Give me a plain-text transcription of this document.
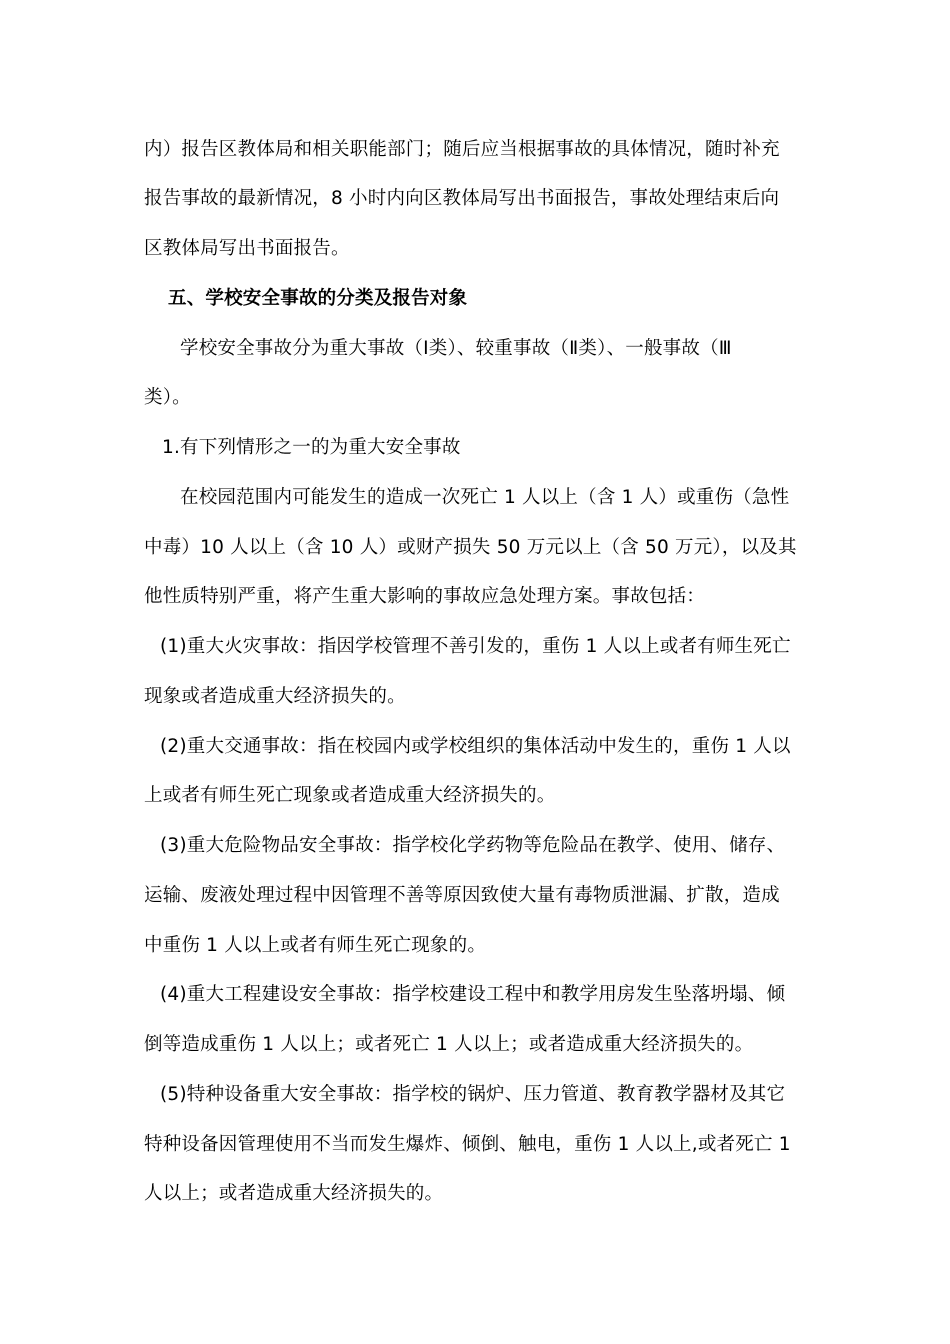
内）报告区教体局和相关职能部门；随后应当根据事故的具体情况，随时补充
报告事故的最新情况，8 小时内向区教体局写出书面报告，事故处理结束后向
区教体局写出书面报告。
五、学校安全事故的分类及报告对象
学校安全事故分为重大事故（Ⅰ类）、较重事故（Ⅱ类）、一般事故（Ⅲ
类）。
1.有下列情形之一的为重大安全事故
在校园范围内可能发生的造成一次死亡 1 人以上（含 1 人）或重伤（急性
中毒）10 人以上（含 10 人）或财产损失 50 万元以上（含 50 万元），以及其
他性质特别严重，将产生重大影响的事故应急处理方案。事故包括：
(1)重大火灾事故：指因学校管理不善引发的，重伤 1 人以上或者有师生死亡
现象或者造成重大经济损失的。
(2)重大交通事故：指在校园内或学校组织的集体活动中发生的，重伤 1 人以
上或者有师生死亡现象或者造成重大经济损失的。
(3)重大危险物品安全事故：指学校化学药物等危险品在教学、使用、储存、
运输、废液处理过程中因管理不善等原因致使大量有毒物质泄漏、扩散，造成
中重伤 1 人以上或者有师生死亡现象的。
(4)重大工程建设安全事故：指学校建设工程中和教学用房发生坠落坍塌、倾
倒等造成重伤 1 人以上；或者死亡 1 人以上；或者造成重大经济损失的。
(5)特种设备重大安全事故：指学校的锅炉、压力管道、教育教学器材及其它
特种设备因管理使用不当而发生爆炸、倾倒、触电，重伤 1 人以上,或者死亡 1
人以上；或者造成重大经济损失的。
